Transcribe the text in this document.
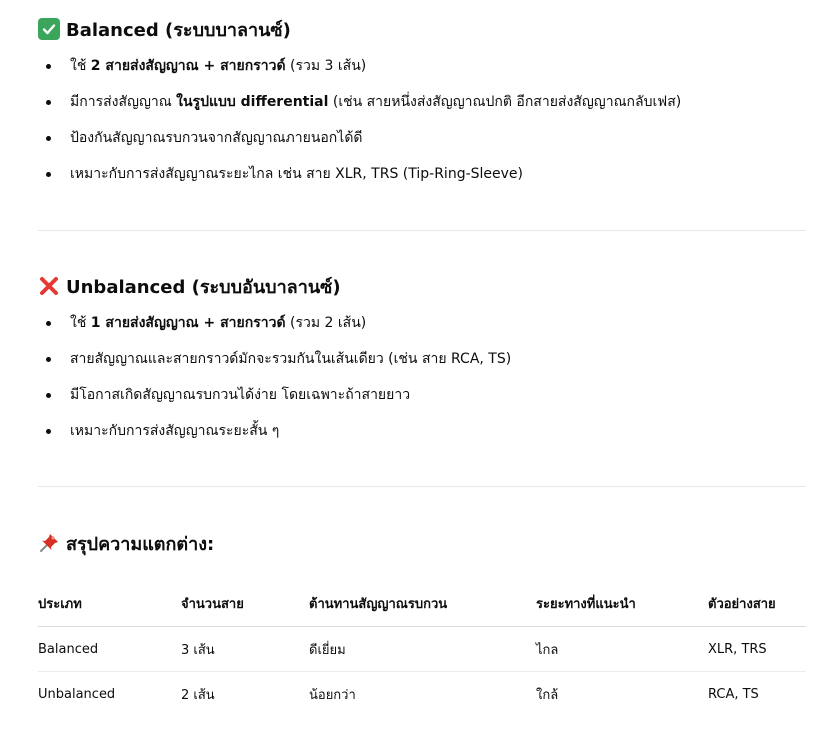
Balanced (ระบบบาลานซ์)
ใช้ 2 สายส่งสัญญาณ + สายกราวด์ (รวม 3 เส้น)
มีการส่งสัญญาณ ในรูปแบบ differential (เช่น สายหนึ่งส่งสัญญาณปกติ อีกสายส่งสัญญาณกลับเฟส)
ป้องกันสัญญาณรบกวนจากสัญญาณภายนอกได้ดี
เหมาะกับการส่งสัญญาณระยะไกล เช่น สาย XLR, TRS (Tip-Ring-Sleeve)
Unbalanced (ระบบอันบาลานซ์)
ใช้ 1 สายส่งสัญญาณ + สายกราวด์ (รวม 2 เส้น)
สายสัญญาณและสายกราวด์มักจะรวมกันในเส้นเดียว (เช่น สาย RCA, TS)
มีโอกาสเกิดสัญญาณรบกวนได้ง่าย โดยเฉพาะถ้าสายยาว
เหมาะกับการส่งสัญญาณระยะสั้น ๆ
สรุปความแตกต่าง:
ประเภท	จำนวนสาย	ต้านทานสัญญาณรบกวน	ระยะทางที่แนะนำ	ตัวอย่างสาย
Balanced	3 เส้น	ดีเยี่ยม	ไกล	XLR, TRS
Unbalanced	2 เส้น	น้อยกว่า	ใกล้	RCA, TS
